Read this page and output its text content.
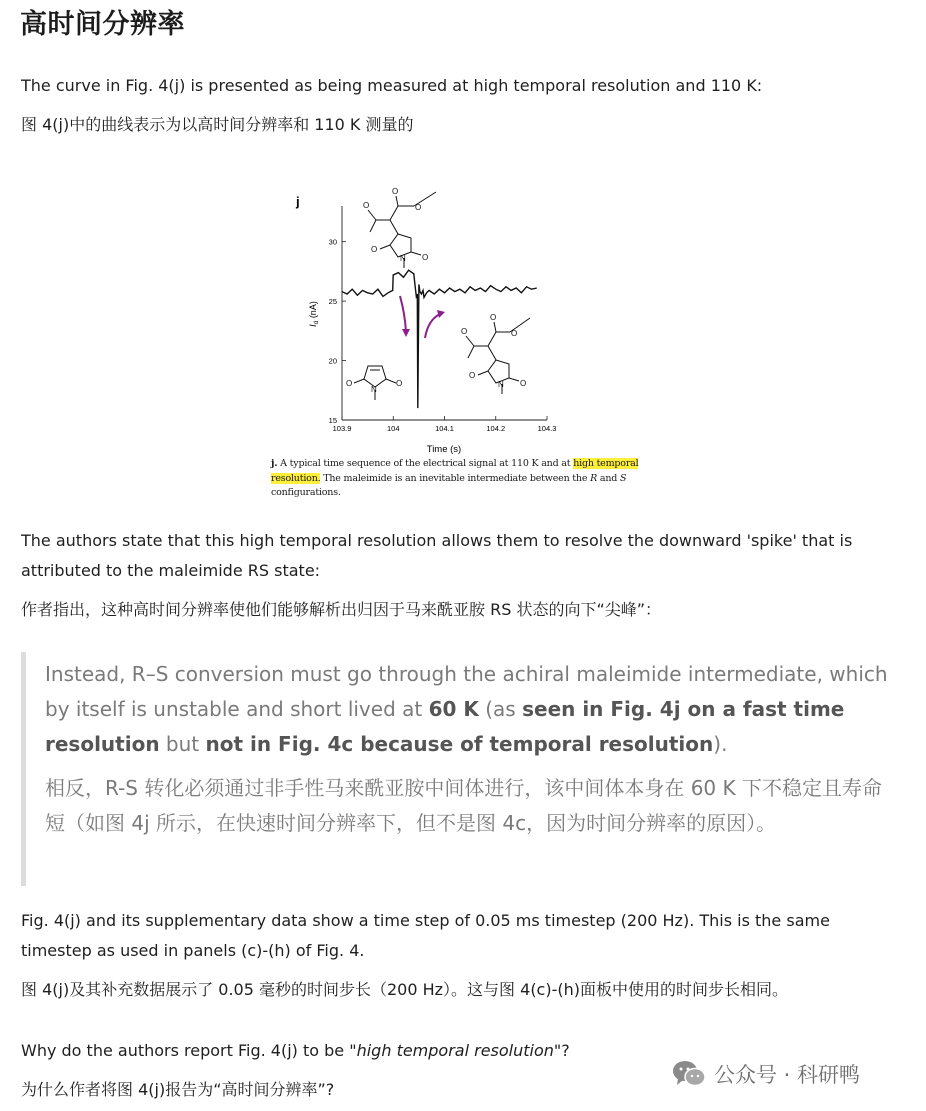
高时间分辨率

The curve in Fig. 4(j) is presented as being measured at high temporal resolution and 110 K:

图 4(j)中的曲线表示为以高时间分辨率和 110 K 测量的

j
103.9	104	104.1	104.2	104.3
15
20
25
30
$I_d$ (nA)
Time (s)
O
O
O
O
O
N
O	O
N
O
O
O
O
O
N
j. A typical time sequence of the electrical signal at 110 K and at high temporal resolution. The maleimide is an inevitable intermediate between the R and S configurations.

The authors state that this high temporal resolution allows them to resolve the downward 'spike' that is attributed to the maleimide RS state:

作者指出，这种高时间分辨率使他们能够解析出归因于马来酰亚胺 RS 状态的向下“尖峰”：

Instead, R–S conversion must go through the achiral maleimide intermediate, which by itself is unstable and short lived at 60 K (as seen in Fig. 4j on a fast time resolution but not in Fig. 4c because of temporal resolution).

相反，R-S 转化必须通过非手性马来酰亚胺中间体进行，该中间体本身在 60 K 下不稳定且寿命短（如图 4j 所示，在快速时间分辨率下，但不是图 4c，因为时间分辨率的原因）。

Fig. 4(j) and its supplementary data show a time step of 0.05 ms timestep (200 Hz). This is the same timestep as used in panels (c)-(h) of Fig. 4.

图 4(j)及其补充数据展示了 0.05 毫秒的时间步长（200 Hz）。这与图 4(c)-(h)面板中使用的时间步长相同。

Why do the authors report Fig. 4(j) to be "high temporal resolution"?

为什么作者将图 4(j)报告为“高时间分辨率”?

公众号 · 科研鸭
